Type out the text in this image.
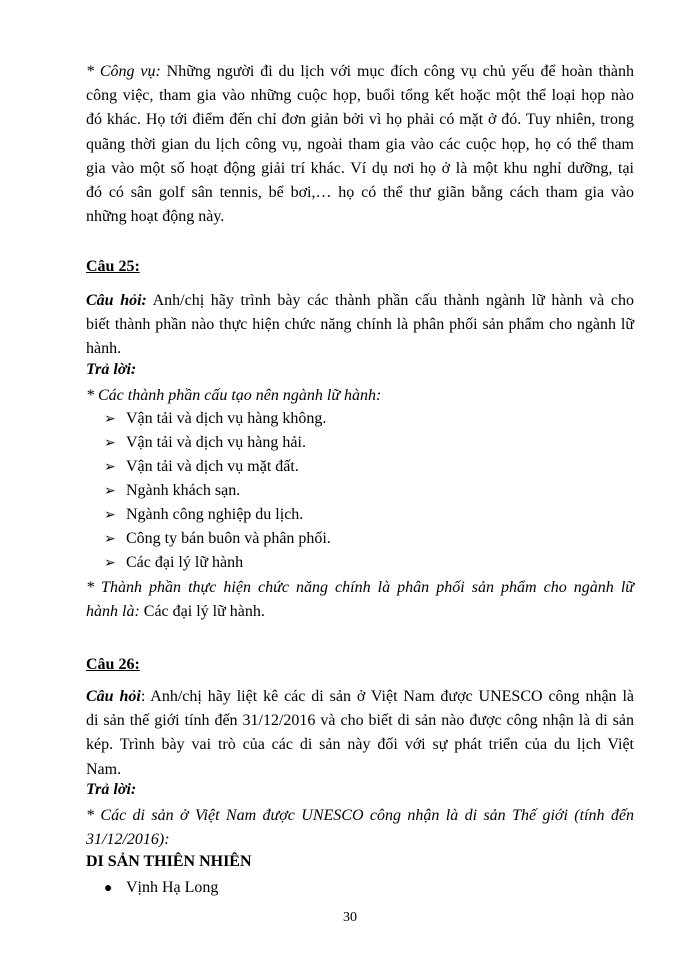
* Công vụ: Những người đi du lịch với mục đích công vụ chủ yếu để hoàn thành
công việc, tham gia vào những cuộc họp, buổi tổng kết hoặc một thể loại họp nào
đó khác. Họ tới điểm đến chỉ đơn giản bởi vì họ phải có mặt ở đó. Tuy nhiên, trong
quãng thời gian du lịch công vụ, ngoài tham gia vào các cuộc họp, họ có thể tham
gia vào một số hoạt động giải trí khác. Ví dụ nơi họ ở là một khu nghỉ dưỡng, tại
đó có sân golf sân tennis, bể bơi,… họ có thể thư giãn bằng cách tham gia vào
những hoạt động này.
Câu 25:
Câu hỏi: Anh/chị hãy trình bày các thành phần cấu thành ngành lữ hành và cho
biết thành phần nào thực hiện chức năng chính là phân phối sản phẩm cho ngành lữ
hành.
Trả lời:
* Các thành phần cấu tạo nên ngành lữ hành:
➢ Vận tải và dịch vụ hàng không.
➢ Vận tải và dịch vụ hàng hải.
➢ Vận tải và dịch vụ mặt đất.
➢ Ngành khách sạn.
➢ Ngành công nghiệp du lịch.
➢ Công ty bán buôn và phân phối.
➢ Các đại lý lữ hành
* Thành phần thực hiện chức năng chính là phân phối sản phẩm cho ngành lữ
hành là: Các đại lý lữ hành.
Câu 26:
Câu hỏi: Anh/chị hãy liệt kê các di sản ở Việt Nam được UNESCO công nhận là
di sản thế giới tính đến 31/12/2016 và cho biết di sản nào được công nhận là di sản
kép. Trình bày vai trò của các di sản này đối với sự phát triển của du lịch Việt
Nam.
Trả lời:
* Các di sản ở Việt Nam được UNESCO công nhận là di sản Thế giới (tính đến
31/12/2016):
DI SẢN THIÊN NHIÊN
● Vịnh Hạ Long
30
